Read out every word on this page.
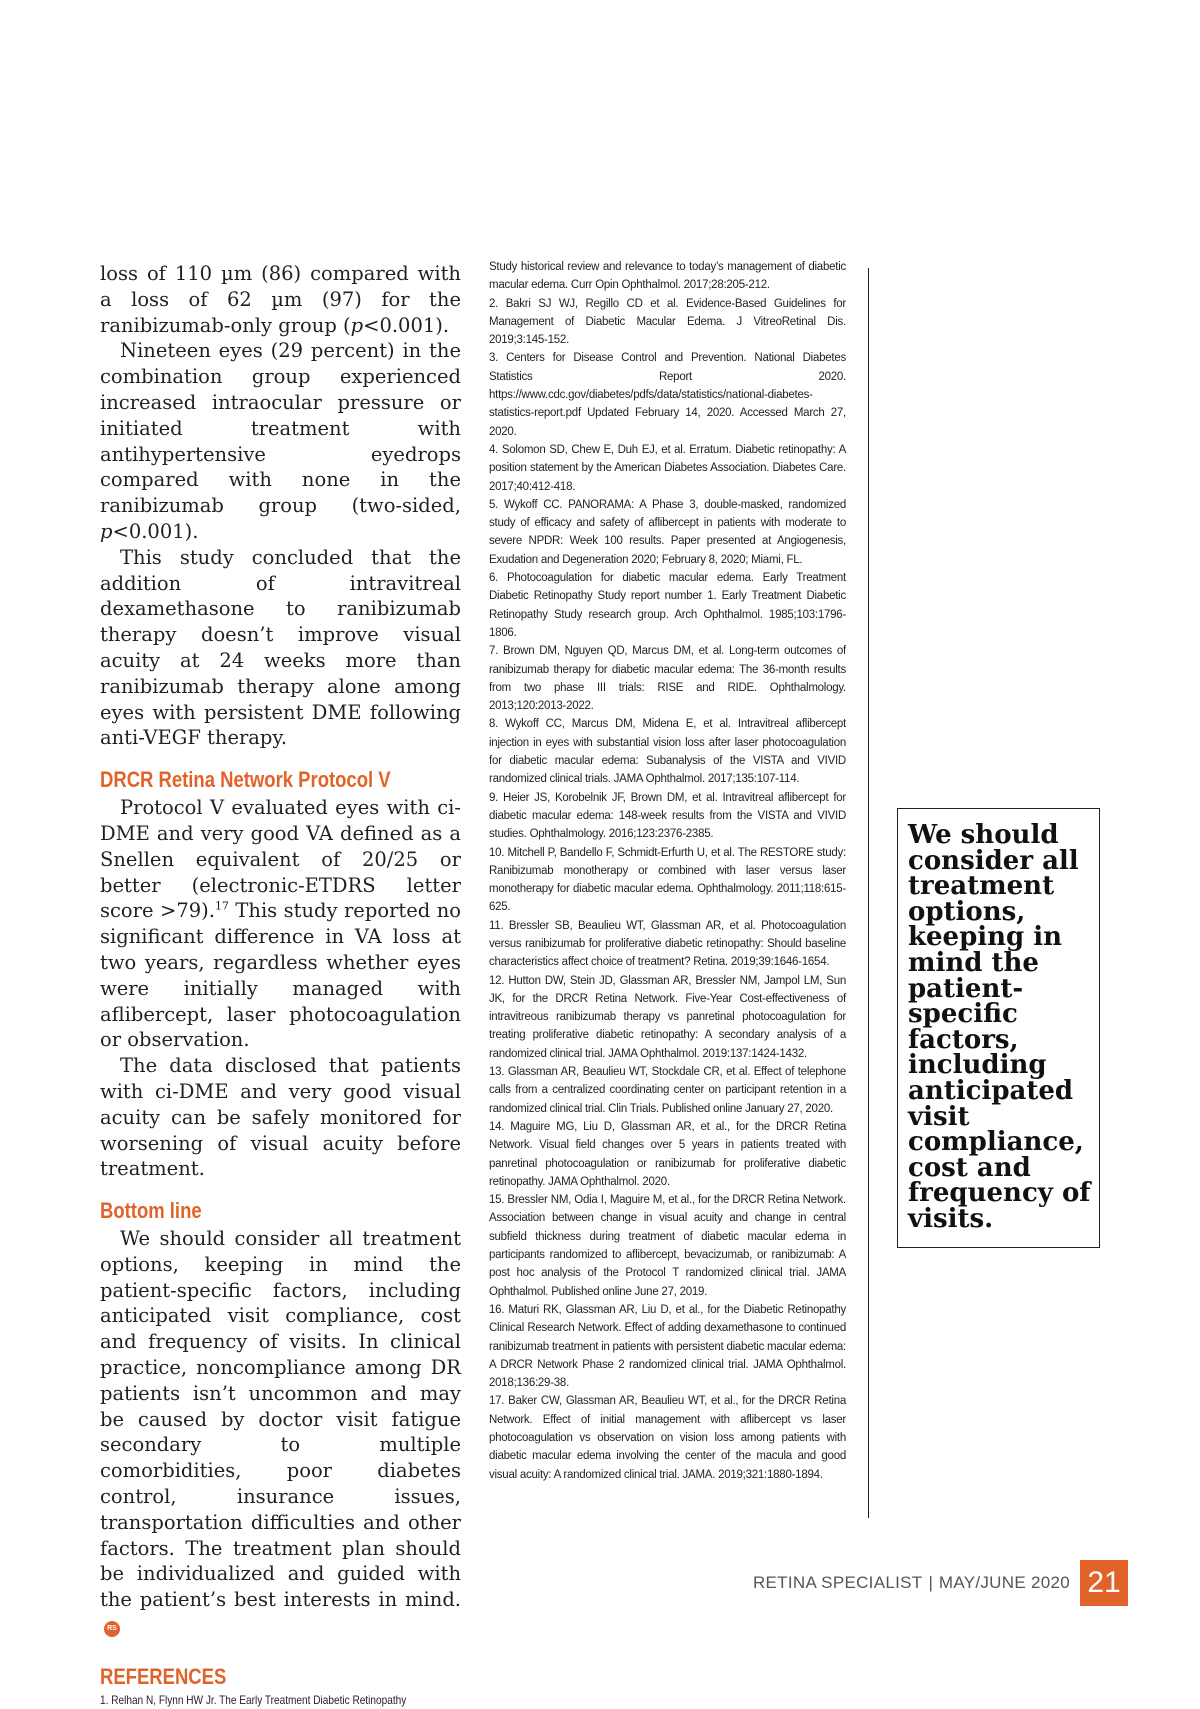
loss of 110 µm (86) compared with a loss of 62 µm (97) for the ranibizumab-only group (p<0.001).

Nineteen eyes (29 percent) in the combination group experienced increased intraocular pressure or initiated treatment with antihypertensive eyedrops compared with none in the ranibizumab group (two-sided, p<0.001).

This study concluded that the addition of intravitreal dexamethasone to ranibizumab therapy doesn’t improve visual acuity at 24 weeks more than ranibizumab therapy alone among eyes with persistent DME following anti-VEGF therapy.

DRCR Retina Network Protocol V

Protocol V evaluated eyes with ci-DME and very good VA defined as a Snellen equivalent of 20/25 or better (electronic-ETDRS letter score >79).$^{17}$ This study reported no significant difference in VA loss at two years, regardless whether eyes were initially managed with aflibercept, laser photocoagulation or observation.

The data disclosed that patients with ci-DME and very good visual acuity can be safely monitored for worsening of visual acuity before treatment.

Bottom line

We should consider all treatment options, keeping in mind the patient-specific factors, including anticipated visit compliance, cost and frequency of visits. In clinical practice, noncompliance among DR patients isn’t uncommon and may be caused by doctor visit fatigue secondary to multiple comorbidities, poor diabetes control, insurance issues, transportation difficulties and other factors. The treatment plan should be individualized and guided with the patient’s best interests in mind.RS

REFERENCES
1. Relhan N, Flynn HW Jr. The Early Treatment Diabetic Retinopathy

Study historical review and relevance to today’s management of diabetic macular edema. Curr Opin Ophthalmol. 2017;28:205-212.

2. Bakri SJ WJ, Regillo CD et al. Evidence-Based Guidelines for Management of Diabetic Macular Edema. J VitreoRetinal Dis. 2019;3:145-152.

3. Centers for Disease Control and Prevention. National Diabetes Statistics Report 2020. https://www.cdc.gov/diabetes/pdfs/data/statistics/national-diabetes-statistics-report.pdf Updated February 14, 2020. Accessed March 27, 2020.

4. Solomon SD, Chew E, Duh EJ, et al. Erratum. Diabetic retinopathy: A position statement by the American Diabetes Association. Diabetes Care. 2017;40:412-418.

5. Wykoff CC. PANORAMA: A Phase 3, double-masked, randomized study of efficacy and safety of aflibercept in patients with moderate to severe NPDR: Week 100 results. Paper presented at Angiogenesis, Exudation and Degeneration 2020; February 8, 2020; Miami, FL.

6. Photocoagulation for diabetic macular edema. Early Treatment Diabetic Retinopathy Study report number 1. Early Treatment Diabetic Retinopathy Study research group. Arch Ophthalmol. 1985;103:1796-1806.

7. Brown DM, Nguyen QD, Marcus DM, et al. Long-term outcomes of ranibizumab therapy for diabetic macular edema: The 36-month results from two phase III trials: RISE and RIDE. Ophthalmology. 2013;120:2013-2022.

8. Wykoff CC, Marcus DM, Midena E, et al. Intravitreal aflibercept injection in eyes with substantial vision loss after laser photocoagulation for diabetic macular edema: Subanalysis of the VISTA and VIVID randomized clinical trials. JAMA Ophthalmol. 2017;135:107-114.

9. Heier JS, Korobelnik JF, Brown DM, et al. Intravitreal aflibercept for diabetic macular edema: 148-week results from the VISTA and VIVID studies. Ophthalmology. 2016;123:2376-2385.

10. Mitchell P, Bandello F, Schmidt-Erfurth U, et al. The RESTORE study: Ranibizumab monotherapy or combined with laser versus laser monotherapy for diabetic macular edema. Ophthalmology. 2011;118:615-625.

11. Bressler SB, Beaulieu WT, Glassman AR, et al. Photocoagulation versus ranibizumab for proliferative diabetic retinopathy: Should baseline characteristics affect choice of treatment? Retina. 2019;39:1646-1654.

12. Hutton DW, Stein JD, Glassman AR, Bressler NM, Jampol LM, Sun JK, for the DRCR Retina Network. Five-Year Cost-effectiveness of intravitreous ranibizumab therapy vs panretinal photocoagulation for treating proliferative diabetic retinopathy: A secondary analysis of a randomized clinical trial. JAMA Ophthalmol. 2019:137:1424-1432.

13. Glassman AR, Beaulieu WT, Stockdale CR, et al. Effect of telephone calls from a centralized coordinating center on participant retention in a randomized clinical trial. Clin Trials. Published online January 27, 2020.

14. Maguire MG, Liu D, Glassman AR, et al., for the DRCR Retina Network. Visual field changes over 5 years in patients treated with panretinal photocoagulation or ranibizumab for proliferative diabetic retinopathy. JAMA Ophthalmol. 2020.

15. Bressler NM, Odia I, Maguire M, et al., for the DRCR Retina Network. Association between change in visual acuity and change in central subfield thickness during treatment of diabetic macular edema in participants randomized to aflibercept, bevacizumab, or ranibizumab: A post hoc analysis of the Protocol T randomized clinical trial. JAMA Ophthalmol. Published online June 27, 2019.

16. Maturi RK, Glassman AR, Liu D, et al., for the Diabetic Retinopathy Clinical Research Network. Effect of adding dexamethasone to continued ranibizumab treatment in patients with persistent diabetic macular edema: A DRCR Network Phase 2 randomized clinical trial. JAMA Ophthalmol. 2018;136:29-38.

17. Baker CW, Glassman AR, Beaulieu WT, et al., for the DRCR Retina Network. Effect of initial management with aflibercept vs laser photocoagulation vs observation on vision loss among patients with diabetic macular edema involving the center of the macula and good visual acuity: A randomized clinical trial. JAMA. 2019;321:1880-1894.

We should consider all treatment options, keeping in mind the patient-specific factors, including anticipated visit compliance, cost and frequency of visits.
RETINA SPECIALIST | MAY/JUNE 2020 21
